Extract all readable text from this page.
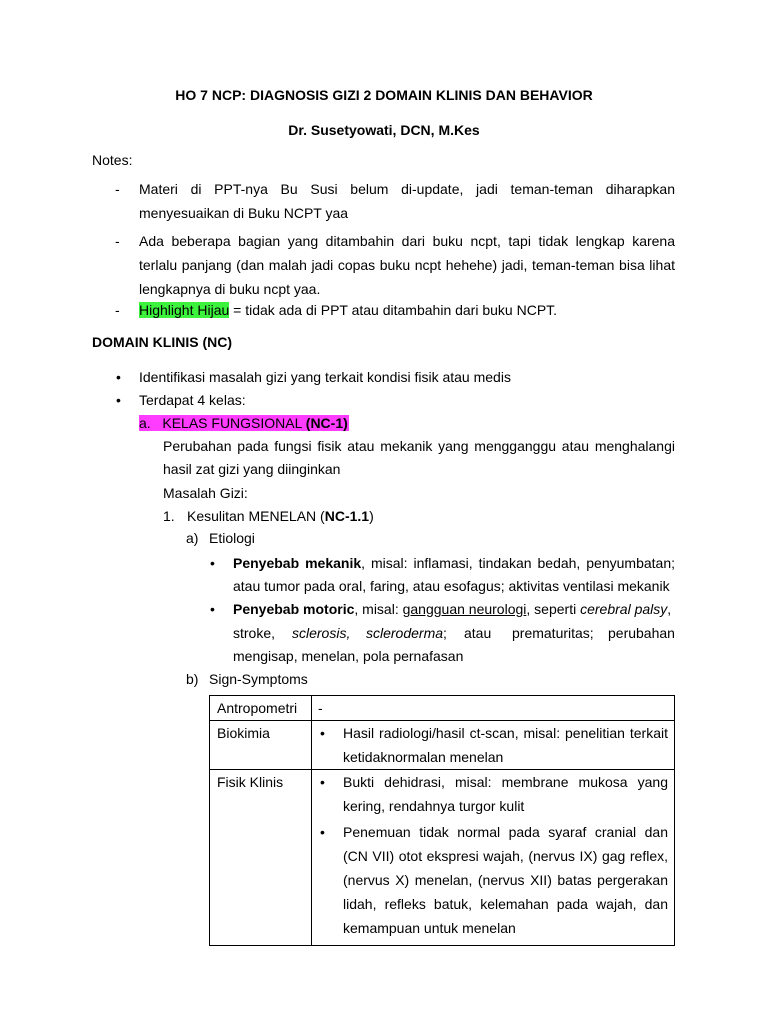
HO 7 NCP: DIAGNOSIS GIZI 2 DOMAIN KLINIS DAN BEHAVIOR
Dr. Susetyowati, DCN, M.Kes
Notes:
- Materi di PPT-nya Bu Susi belum di-update, jadi teman-teman diharapkan menyesuaikan di Buku NCPT yaa
- Ada beberapa bagian yang ditambahin dari buku ncpt, tapi tidak lengkap karena terlalu panjang (dan malah jadi copas buku ncpt hehehe) jadi, teman-teman bisa lihat lengkapnya di buku ncpt yaa.
- Highlight Hijau = tidak ada di PPT atau ditambahin dari buku NCPT.
DOMAIN KLINIS (NC)
• Identifikasi masalah gizi yang terkait kondisi fisik atau medis
• Terdapat 4 kelas:
a. KELAS FUNGSIONAL (NC-1)
Perubahan pada fungsi fisik atau mekanik yang mengganggu atau menghalangi
hasil zat gizi yang diinginkan
Masalah Gizi:
1. Kesulitan MENELAN (NC-1.1)
a) Etiologi
• Penyebab mekanik, misal: inflamasi, tindakan bedah, penyumbatan;
atau tumor pada oral, faring, atau esofagus; aktivitas ventilasi mekanik
• Penyebab motoric, misal: gangguan neurologi, seperti cerebral palsy,
stroke, sclerosis, scleroderma; atau prematuritas; perubahan
mengisap, menelan, pola pernafasan
b) Sign-Symptoms
Antropometri	-
Biokimia	• Hasil radiologi/hasil ct-scan, misal: penelitian terkait ketidaknormalan menelan

Fisik Klinis	• Bukti dehidrasi, misal: membrane mukosa yang kering, rendahnya turgor kulit
• Penemuan tidak normal pada syaraf cranial dan (CN VII) otot ekspresi wajah, (nervus IX) gag reflex, (nervus X) menelan, (nervus XII) batas pergerakan lidah, refleks batuk, kelemahan pada wajah, dan kemampuan untuk menelan
